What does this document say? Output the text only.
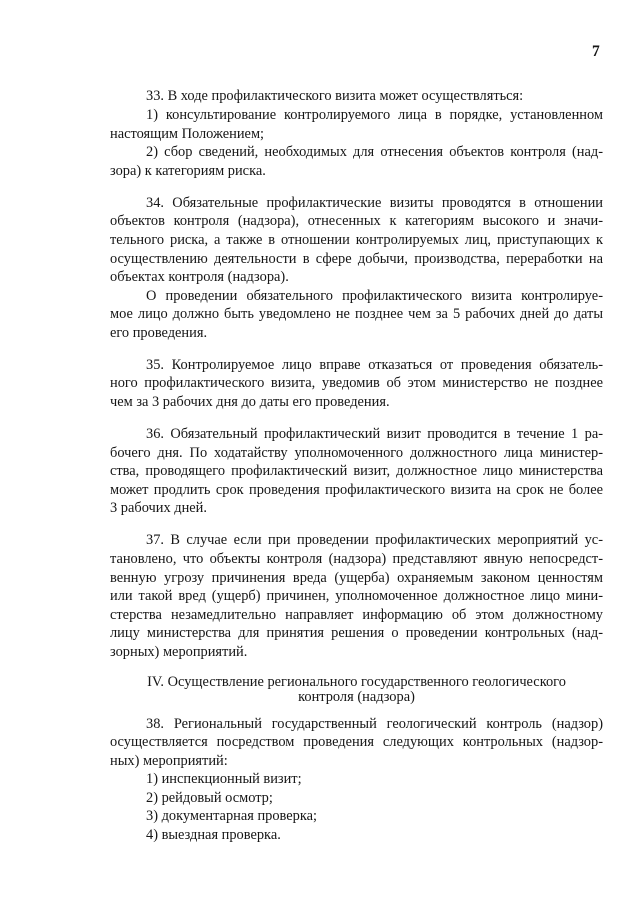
7
33. В ходе профилактического визита может осуществляться:
1) консультирование контролируемого лица в порядке, установленном
настоящим Положением;
2) сбор сведений, необходимых для отнесения объектов контроля (над-
зора) к категориям риска.
34. Обязательные профилактические визиты проводятся в отношении
объектов контроля (надзора), отнесенных к категориям высокого и значи-
тельного риска, а также в отношении контролируемых лиц, приступающих к
осуществлению деятельности в сфере добычи, производства, переработки на
объектах контроля (надзора).
О проведении обязательного профилактического визита контролируе-
мое лицо должно быть уведомлено не позднее чем за 5 рабочих дней до даты
его проведения.
35. Контролируемое лицо вправе отказаться от проведения обязатель-
ного профилактического визита, уведомив об этом министерство не позднее
чем за 3 рабочих дня до даты его проведения.
36. Обязательный профилактический визит проводится в течение 1 ра-
бочего дня. По ходатайству уполномоченного должностного лица министер-
ства, проводящего профилактический визит, должностное лицо министерства
может продлить срок проведения профилактического визита на срок не более
3 рабочих дней.
37. В случае если при проведении профилактических мероприятий ус-
тановлено, что объекты контроля (надзора) представляют явную непосредст-
венную угрозу причинения вреда (ущерба) охраняемым законом ценностям
или такой вред (ущерб) причинен, уполномоченное должностное лицо мини-
стерства незамедлительно направляет информацию об этом должностному
лицу министерства для принятия решения о проведении контрольных (над-
зорных) мероприятий.
38. Региональный государственный геологический контроль (надзор)
осуществляется посредством проведения следующих контрольных (надзор-
ных) мероприятий:
1) инспекционный визит;
2) рейдовый осмотр;
3) документарная проверка;
4) выездная проверка.
IV. Осуществление регионального государственного геологического
контроля (надзора)
